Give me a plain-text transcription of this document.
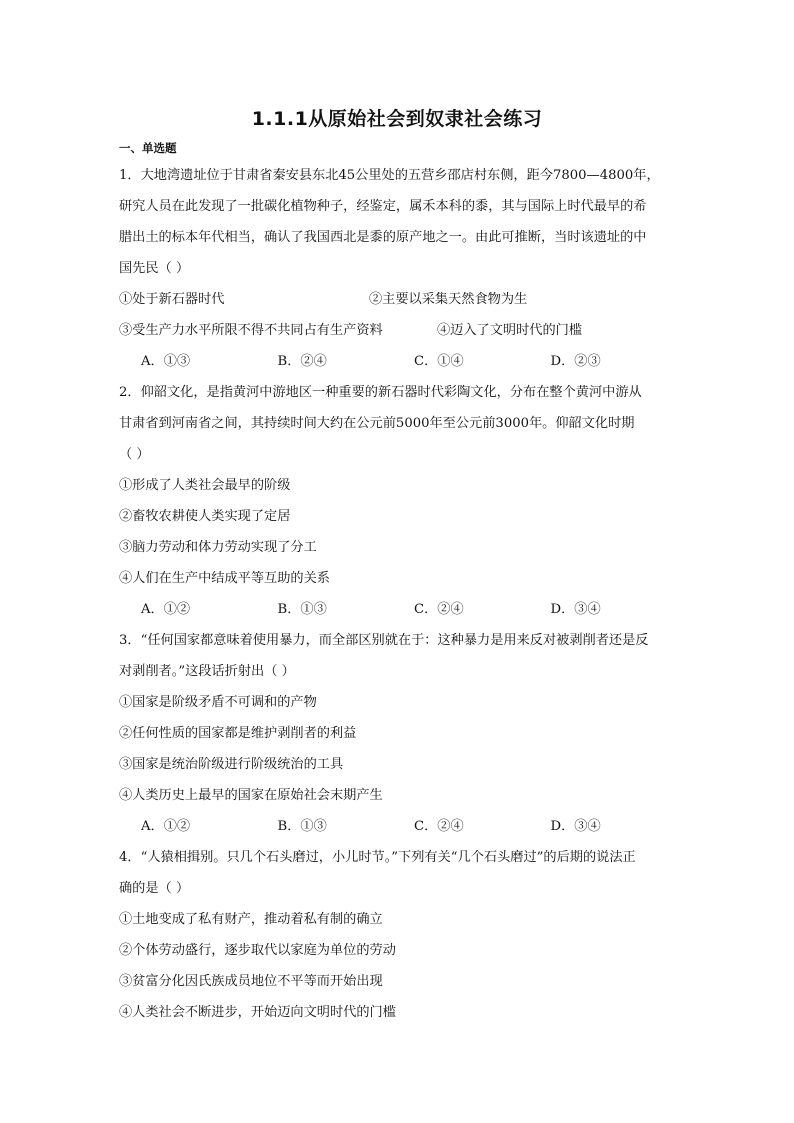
1.1.1从原始社会到奴隶社会练习
一、单选题

1．大地湾遗址位于甘肃省秦安县东北45公里处的五营乡邵店村东侧，距今7800—4800年，
研究人员在此发现了一批碳化植物种子，经鉴定，属禾本科的黍，其与国际上时代最早的希
腊出土的标本年代相当，确认了我国西北是黍的原产地之一。由此可推断，当时该遗址的中
国先民（ ）

①处于新石器时代	②主要以采集天然食物为生
③受生产力水平所限不得不共同占有生产资料	④迈入了文明时代的门槛
A．①③	B．②④	C．①④	D．②③

2．仰韶文化，是指黄河中游地区一种重要的新石器时代彩陶文化，分布在整个黄河中游从
甘肃省到河南省之间，其持续时间大约在公元前5000年至公元前3000年。仰韶文化时期
（ ）

①形成了人类社会最早的阶级

②畜牧农耕使人类实现了定居

③脑力劳动和体力劳动实现了分工

④人们在生产中结成平等互助的关系

A．①②	B．①③	C．②④	D．③④

3．“任何国家都意味着使用暴力，而全部区别就在于：这种暴力是用来反对被剥削者还是反
对剥削者。”这段话折射出（ ）

①国家是阶级矛盾不可调和的产物

②任何性质的国家都是维护剥削者的利益

③国家是统治阶级进行阶级统治的工具

④人类历史上最早的国家在原始社会末期产生

A．①②	B．①③	C．②④	D．③④

4．“人猿相揖别。只几个石头磨过，小儿时节。”下列有关“几个石头磨过”的后期的说法正
确的是（ ）

①土地变成了私有财产，推动着私有制的确立

②个体劳动盛行，逐步取代以家庭为单位的劳动

③贫富分化因氏族成员地位不平等而开始出现

④人类社会不断进步，开始迈向文明时代的门槛
